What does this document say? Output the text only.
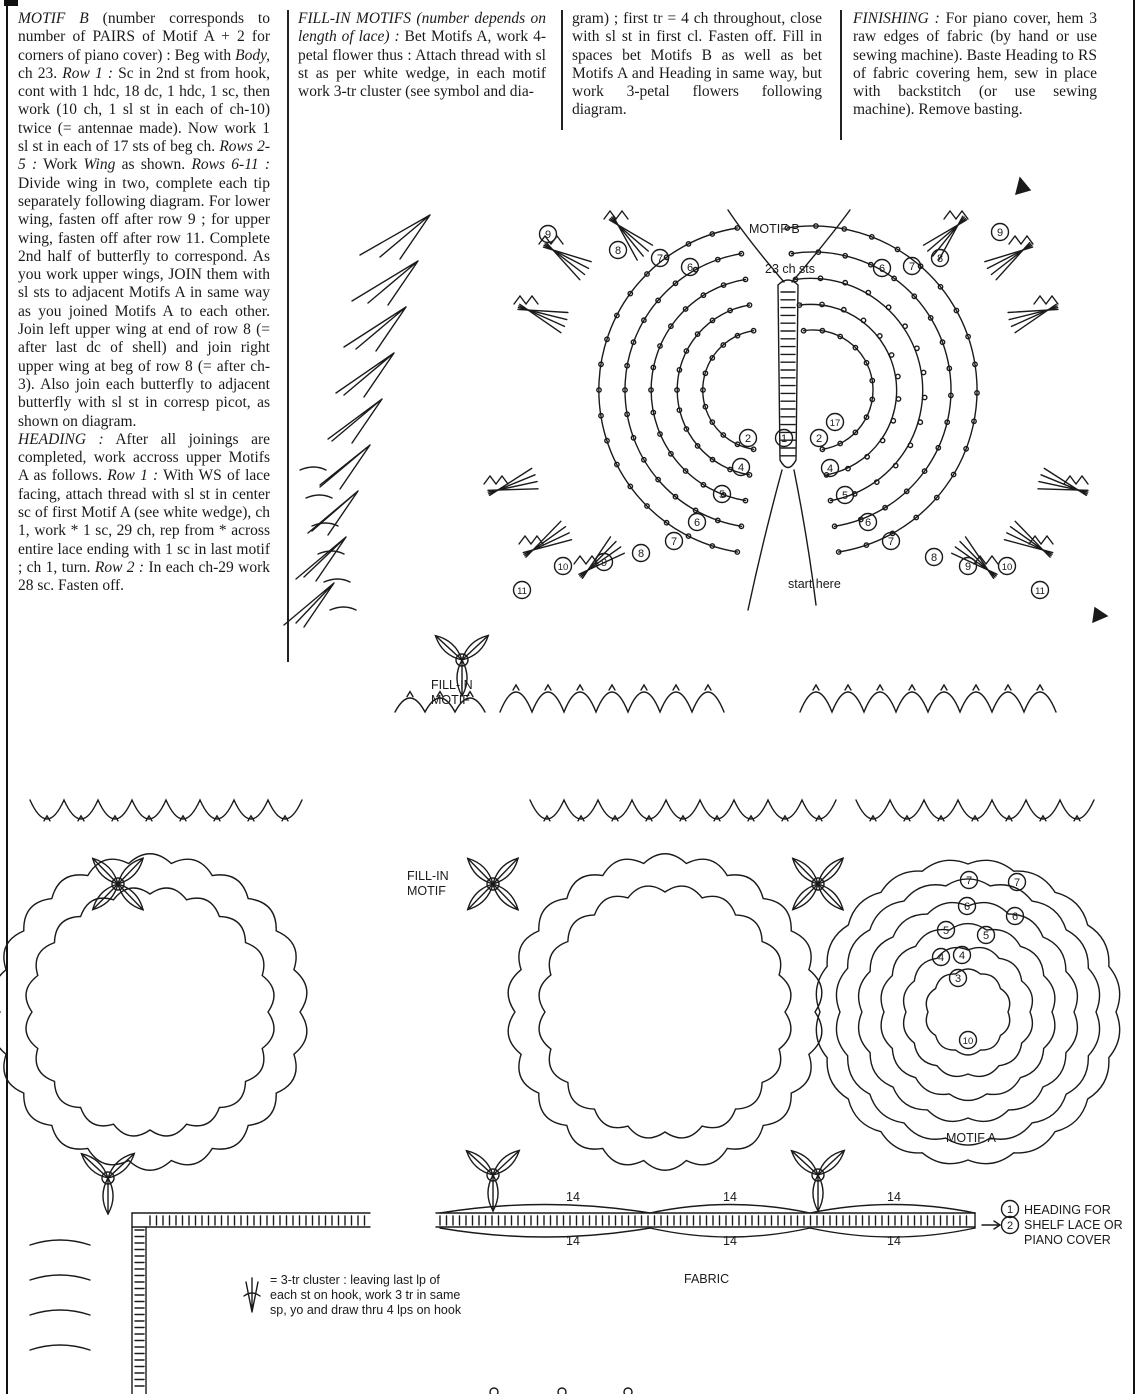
MOTIF B (number corresponds to number of PAIRS of Motif A + 2 for corners of piano cover) : Beg with Body, ch 23. Row 1 : Sc in 2nd st from hook, cont with 1 hdc, 18 dc, 1 hdc, 1 sc, then work (10 ch, 1 sl st in each of ch-10) twice (= antennae made). Now work 1 sl st in each of 17 sts of beg ch. Rows 2-5 : Work Wing as shown. Rows 6-11 : Divide wing in two, complete each tip separately following diagram. For lower wing, fasten off after row 9 ; for upper wing, fasten off after row 11. Complete 2nd half of butterfly to correspond. As you work upper wings, JOIN them with sl sts to adjacent Motifs A in same way as you joined Motifs A to each other. Join left upper wing at end of row 8 (= after last dc of shell) and join right upper wing at beg of row 8 (= after ch-3). Also join each butterfly to adjacent butterfly with sl st in corresp picot, as shown on diagram.

HEADING : After all joinings are completed, work accross upper Motifs A as follows. Row 1 : With WS of lace facing, attach thread with sl st in center sc of first Motif A (see white wedge), ch 1, work * 1 sc, 29 ch, rep from * across entire lace ending with 1 sc in last motif ; ch 1, turn. Row 2 : In each ch-29 work 28 sc. Fasten off.

FILL-IN MOTIFS (number depends on length of lace) : Bet Motifs A, work 4-petal flower thus : Attach thread with sl st as per white wedge, in each motif work 3-tr cluster (see symbol and dia-

gram) ; first tr = 4 ch throughout, close with sl st in first cl. Fasten off. Fill in spaces bet Motifs B as well as bet Motifs A and Heading in same way, but work 3-petal flowers following diagram.

FINISHING : For piano cover, hem 3 raw edges of fabric (by hand or use sewing machine). Baste Heading to RS of fabric covering hem, sew in place with backstitch (or use sewing machine). Remove basting.

9
8
7
6
2	1
4
5
6
7
8
9
10
11
6 7
8
9
2
4
5
6
7
8
9	10
11
17
10
7
7
6
6
5
5
4
4
3
1
2
MOTIF B
23 ch sts
start here
FILL-IN
MOTIF
FILL-IN
MOTIF
MOTIF A
FABRIC
HEADING FOR
SHELF LACE OR
PIANO COVER
14	14	14
14	14	14
= 3-tr cluster : leaving last lp of each st on hook, work 3 tr in same sp, yo and draw thru 4 lps on hook
